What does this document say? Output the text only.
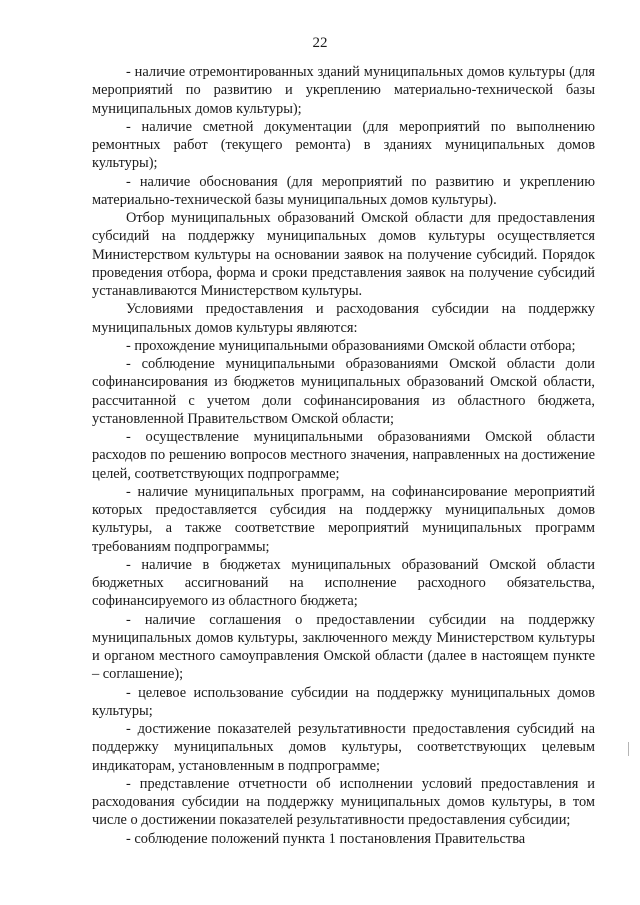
22

- наличие отремонтированных зданий муниципальных домов культуры (для мероприятий по развитию и укреплению материально-технической базы муниципальных домов культуры);

- наличие сметной документации (для мероприятий по выполнению ремонтных работ (текущего ремонта) в зданиях муниципальных домов культуры);

- наличие обоснования (для мероприятий по развитию и укреплению материально-технической базы муниципальных домов культуры).

Отбор муниципальных образований Омской области для предоставления субсидий на поддержку муниципальных домов культуры осуществляется Министерством культуры на основании заявок на получение субсидий. Порядок проведения отбора, форма и сроки представления заявок на получение субсидий устанавливаются Министерством культуры.

Условиями предоставления и расходования субсидии на поддержку муниципальных домов культуры являются:

- прохождение муниципальными образованиями Омской области отбора;

- соблюдение муниципальными образованиями Омской области доли софинансирования из бюджетов муниципальных образований Омской области, рассчитанной с учетом доли софинансирования из областного бюджета, установленной Правительством Омской области;

- осуществление муниципальными образованиями Омской области расходов по решению вопросов местного значения, направленных на достижение целей, соответствующих подпрограмме;

- наличие муниципальных программ, на софинансирование мероприятий которых предоставляется субсидия на поддержку муниципальных домов культуры, а также соответствие мероприятий муниципальных программ требованиям подпрограммы;

- наличие в бюджетах муниципальных образований Омской области бюджетных ассигнований на исполнение расходного обязательства, софинансируемого из областного бюджета;

- наличие соглашения о предоставлении субсидии на поддержку муниципальных домов культуры, заключенного между Министерством культуры и органом местного самоуправления Омской области (далее в настоящем пункте – соглашение);

- целевое использование субсидии на поддержку муниципальных домов культуры;

- достижение показателей результативности предоставления субсидий на поддержку муниципальных домов культуры, соответствующих целевым индикаторам, установленным в подпрограмме;

- представление отчетности об исполнении условий предоставления и расходования субсидии на поддержку муниципальных домов культуры, в том числе о достижении показателей результативности предоставления субсидии;

- соблюдение положений пункта 1 постановления Правительства
